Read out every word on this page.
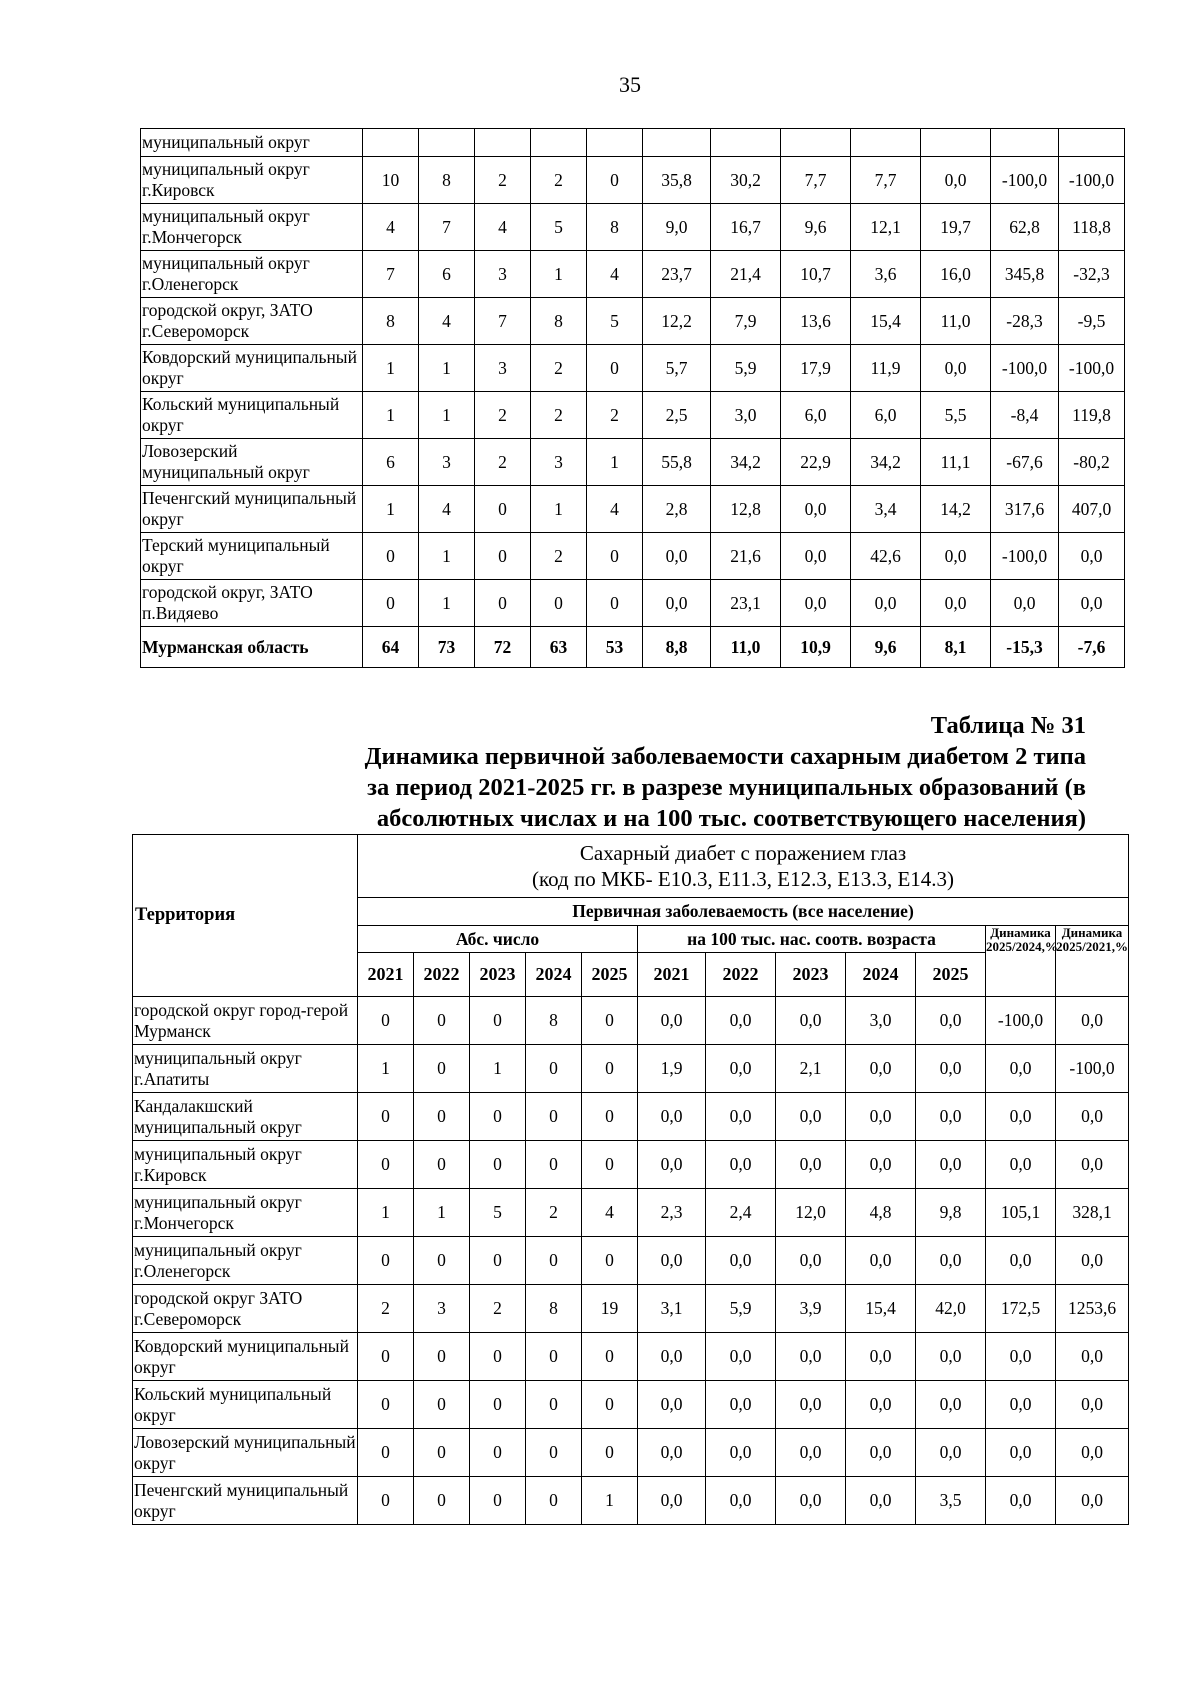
35
муниципальный округ												
муниципальный округ г.Кировск	10	8	2	2	0	35,8	30,2	7,7	7,7	0,0	-100,0	-100,0
муниципальный округ г.Мончегорск	4	7	4	5	8	9,0	16,7	9,6	12,1	19,7	62,8	118,8
муниципальный округ г.Оленегорск	7	6	3	1	4	23,7	21,4	10,7	3,6	16,0	345,8	-32,3
городской округ, ЗАТО г.Североморск	8	4	7	8	5	12,2	7,9	13,6	15,4	11,0	-28,3	-9,5
Ковдорский муниципальный округ	1	1	3	2	0	5,7	5,9	17,9	11,9	0,0	-100,0	-100,0
Кольский муниципальный округ	1	1	2	2	2	2,5	3,0	6,0	6,0	5,5	-8,4	119,8
Ловозерский муниципальный округ	6	3	2	3	1	55,8	34,2	22,9	34,2	11,1	-67,6	-80,2
Печенгский муниципальный округ	1	4	0	1	4	2,8	12,8	0,0	3,4	14,2	317,6	407,0
Терский муниципальный округ	0	1	0	2	0	0,0	21,6	0,0	42,6	0,0	-100,0	0,0
городской округ, ЗАТО п.Видяево	0	1	0	0	0	0,0	23,1	0,0	0,0	0,0	0,0	0,0
Мурманская область	64	73	72	63	53	8,8	11,0	10,9	9,6	8,1	-15,3	-7,6
Таблица № 31
Динамика первичной заболеваемости сахарным диабетом 2 типа
за период 2021-2025 гг. в разрезе муниципальных образований (в
абсолютных числах и на 100 тыс. соответствующего населения)
Территория	Сахарный диабет с поражением глаз
(код по МКБ- Е10.3, Е11.3, Е12.3, Е13.3, Е14.3)											

	Первичная заболеваемость (все население)											
	Абс. число					на 100 тыс. нас. соотв. возраста					Динамика 2025/2024,%	Динамика 2025/2021,%
	2021	2022	2023	2024	2025	2021	2022	2023	2024	2025		
городской округ город-герой Мурманск	0	0	0	8	0	0,0	0,0	0,0	3,0	0,0	-100,0	0,0
муниципальный округ г.Апатиты	1	0	1	0	0	1,9	0,0	2,1	0,0	0,0	0,0	-100,0
Кандалакшский муниципальный округ	0	0	0	0	0	0,0	0,0	0,0	0,0	0,0	0,0	0,0
муниципальный округ г.Кировск	0	0	0	0	0	0,0	0,0	0,0	0,0	0,0	0,0	0,0
муниципальный округ г.Мончегорск	1	1	5	2	4	2,3	2,4	12,0	4,8	9,8	105,1	328,1
муниципальный округ г.Оленегорск	0	0	0	0	0	0,0	0,0	0,0	0,0	0,0	0,0	0,0
городской округ ЗАТО г.Североморск	2	3	2	8	19	3,1	5,9	3,9	15,4	42,0	172,5	1253,6
Ковдорский муниципальный округ	0	0	0	0	0	0,0	0,0	0,0	0,0	0,0	0,0	0,0
Кольский муниципальный округ	0	0	0	0	0	0,0	0,0	0,0	0,0	0,0	0,0	0,0
Ловозерский муниципальный округ	0	0	0	0	0	0,0	0,0	0,0	0,0	0,0	0,0	0,0
Печенгский муниципальный округ	0	0	0	0	1	0,0	0,0	0,0	0,0	3,5	0,0	0,0
